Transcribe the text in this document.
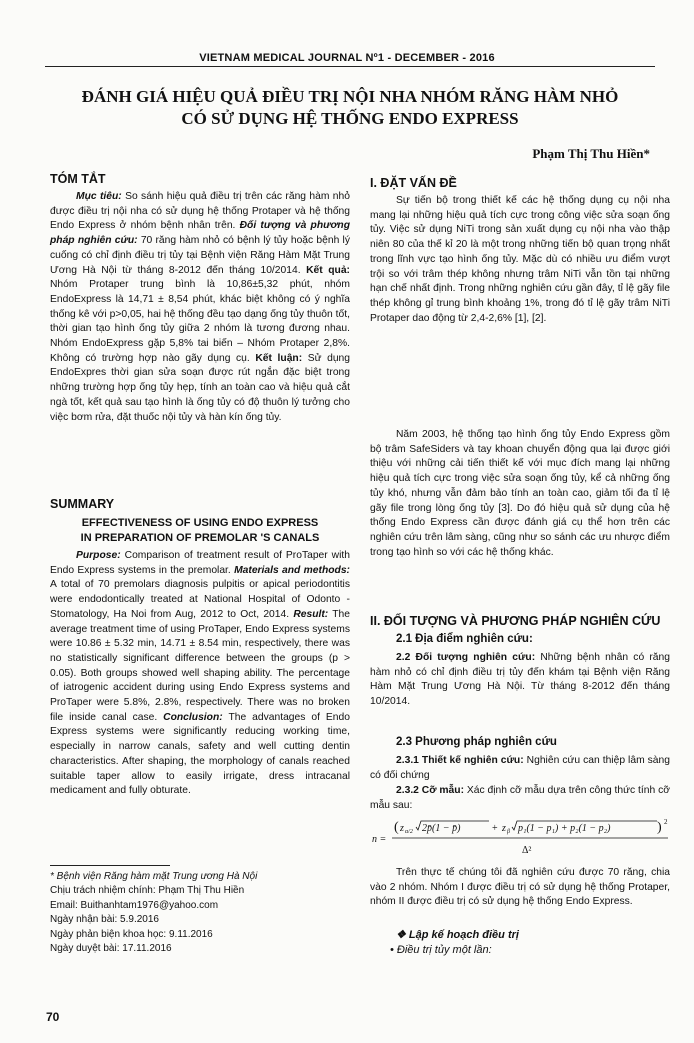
VIETNAM MEDICAL JOURNAL Nº1 - DECEMBER - 2016
ĐÁNH GIÁ HIỆU QUẢ ĐIỀU TRỊ NỘI NHA NHÓM RĂNG HÀM NHỎ
CÓ SỬ DỤNG HỆ THỐNG ENDO EXPRESS
Phạm Thị Thu Hiền*
TÓM TẮT
Mục tiêu: So sánh hiệu quả điều trị trên các răng hàm nhỏ được điều trị nội nha có sử dụng hệ thống Protaper và hệ thống Endo Express ở nhóm bệnh nhân trên. Đối tượng và phương pháp nghiên cứu: 70 răng hàm nhỏ có bệnh lý tủy hoặc bệnh lý cuống có chỉ định điều trị tủy tại Bệnh viện Răng Hàm Mặt Trung Ương Hà Nội từ tháng 8-2012 đến tháng 10/2014. Kết quả: Nhóm Protaper trung bình là 10,86±5,32 phút, nhóm EndoExpress là 14,71 ± 8,54 phút, khác biệt không có ý nghĩa thống kê với p>0,05, hai hệ thống đều tạo dạng ống tủy thuôn tốt, thời gian tạo hình ống tủy giữa 2 nhóm là tương đương nhau. Nhóm EndoExpress gặp 5,8% tai biến – Nhóm Protaper 2,8%. Không có trường hợp nào gãy dụng cụ. Kết luận: Sử dụng EndoExpres thời gian sửa soạn được rút ngắn đặc biệt trong những trường hợp ống tủy hẹp, tính an toàn cao và hiệu quả cắt ngà tốt, kết quả sau tạo hình là ống tủy có độ thuôn lý tưởng cho việc bơm rửa, đặt thuốc nội tủy và hàn kín ống tủy.
SUMMARY
EFFECTIVENESS OF USING ENDO EXPRESS
IN PREPARATION OF PREMOLAR 'S CANALS
Purpose: Comparison of treatment result of ProTaper with Endo Express systems in the premolar. Materials and methods: A total of 70 premolars diagnosis pulpitis or apical periodontitis were endodontically treated at National Hospital of Odonto - Stomatology, Ha Noi from Aug, 2012 to Oct, 2014. Result: The average treatment time of using ProTaper, Endo Express systems were 10.86 ± 5.32 min, 14.71 ± 8.54 min, respectively, there was no statistically significant difference between the groups (p > 0.05). Both groups showed well shaping ability. The percentage of iatrogenic accident during using Endo Express systems and ProTaper were 5.8%, 2.8%, respectively. There was no broken file inside canal case. Conclusion: The advantages of Endo Express systems were significantly reducing working time, especially in narrow canals, safety and well cutting dentin characteristics. After shaping, the morphology of canals reached suitable taper allow to easily irrigate, dress intracanal medicament and fully obturate.
* Bệnh viện Răng hàm mặt Trung ương Hà Nội
Chịu trách nhiệm chính: Phạm Thị Thu Hiền
Email: Buithanhtam1976@yahoo.com
Ngày nhận bài: 5.9.2016
Ngày phản biện khoa học: 9.11.2016
Ngày duyệt bài: 17.11.2016
70
I. ĐẶT VẤN ĐỀ
Sự tiến bộ trong thiết kế các hệ thống dụng cụ nội nha mang lại những hiệu quả tích cực trong công việc sửa soạn ống tủy. Việc sử dụng NiTi trong sản xuất dụng cụ nội nha vào thập niên 80 của thế kỉ 20 là một trong những tiến bộ quan trọng nhất trong lĩnh vực tạo hình ống tủy. Mặc dù có nhiều ưu điểm vượt trội so với trâm thép không nhưng trâm NiTi vẫn tồn tại những hạn chế nhất định. Trong những nghiên cứu gần đây, tỉ lệ gãy file thép không gỉ trung bình khoảng 1%, trong đó tỉ lệ gãy trâm NiTi Protaper dao động từ 2,4-2,6% [1], [2].
Năm 2003, hệ thống tạo hình ống tủy Endo Express gồm bộ trâm SafeSiders và tay khoan chuyển động qua lại được giới thiệu với những cải tiến thiết kế với mục đích mang lại những hiệu quả tích cực trong việc sửa soạn ống tủy, kể cả những ống tủy khó, nhưng vẫn đảm bảo tính an toàn cao, giảm tối đa tỉ lệ gãy file trong lòng ống tủy [3]. Do đó hiệu quả sử dụng của hệ thống Endo Express cần được đánh giá cụ thể hơn trên các nghiên cứu trên lâm sàng, cũng như so sánh các ưu nhược điểm trong tạo hình so với các hệ thống khác.
II. ĐỐI TƯỢNG VÀ PHƯƠNG PHÁP NGHIÊN CỨU
2.1 Địa điểm nghiên cứu:
2.2 Đối tượng nghiên cứu: Những bệnh nhân có răng hàm nhỏ có chỉ định điều trị tủy đến khám tại Bệnh viện Răng Hàm Mặt Trung Ương Hà Nội. Từ tháng 8-2012 đến tháng 10/2014.
2.3 Phương pháp nghiên cứu
2.3.1 Thiết kế nghiên cứu: Nghiên cứu can thiệp lâm sàng có đối chứng
2.3.2 Cỡ mẫu: Xác định cỡ mẫu dựa trên công thức tính cỡ mẫu sau:
n =
( z α/2 2p̄(1 − p̄)	+ z β p₁(1 − p₁) + p₂(1 − p₂)	) 2
Δ²
Trên thực tế chúng tôi đã nghiên cứu được 70 răng, chia vào 2 nhóm. Nhóm I được điều trị có sử dụng hệ thống Protaper, nhóm II được điều trị có sử dụng hệ thống Endo Express.
❖ Lập kế hoạch điều trị
• Điều trị tủy một lần:
